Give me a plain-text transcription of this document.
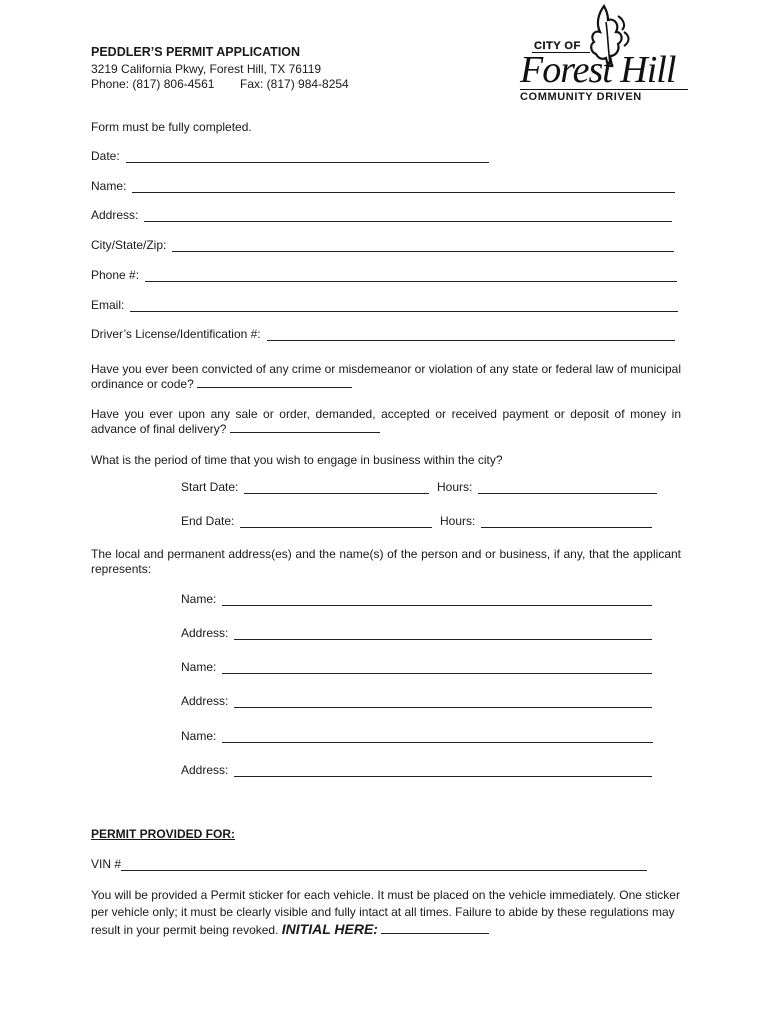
PEDDLER’S PERMIT APPLICATION
3219 California Pkwy, Forest Hill, TX 76119
Phone: (817) 806-4561 Fax: (817) 984-8254
CITY OF
Forest Hill
COMMUNITY DRIVEN
Form must be fully completed.
Date:
Name:
Address:
City/State/Zip:
Phone #:
Email:
Driver’s License/Identification #:
Have you ever been convicted of any crime or misdemeanor or violation of any state or federal law of municipal ordinance or code?
Have you ever upon any sale or order, demanded, accepted or received payment or deposit of money in advance of final delivery?
What is the period of time that you wish to engage in business within the city?
Start Date:	Hours:
End Date:	Hours:
The local and permanent address(es) and the name(s) of the person and or business, if any, that the applicant represents:
Name:
Address:
Name:
Address:
Name:
Address:
PERMIT PROVIDED FOR:
VIN #
You will be provided a Permit sticker for each vehicle. It must be placed on the vehicle immediately. One sticker per vehicle only; it must be clearly visible and fully intact at all times. Failure to abide by these regulations may result in your permit being revoked. INITIAL HERE:
